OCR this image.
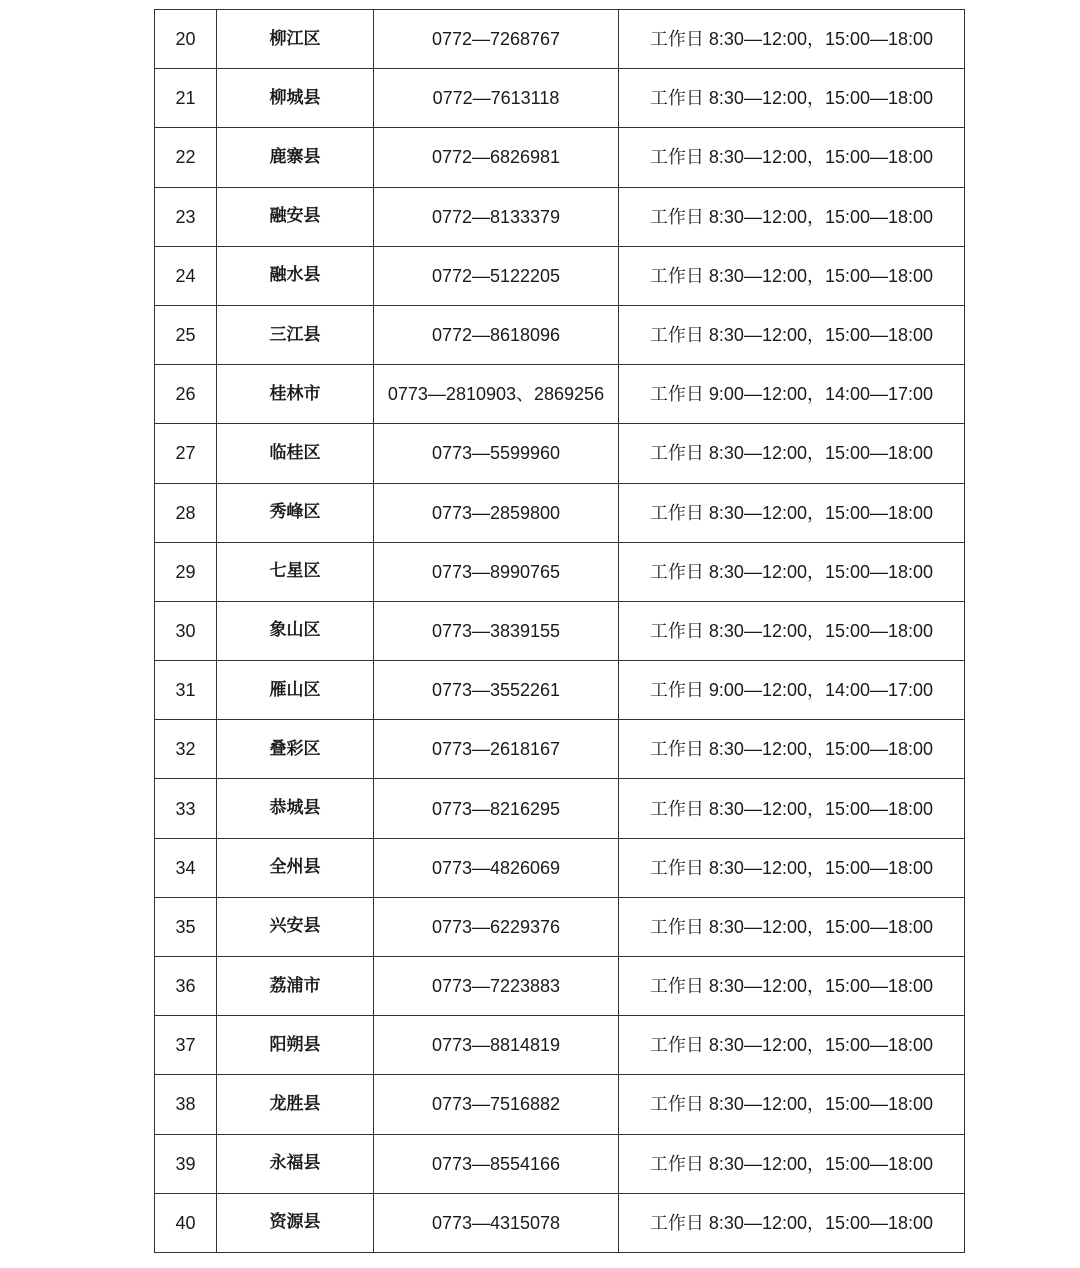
20	柳江区	0772—7268767	工作日 8:30—12:00，15:00—18:00
21	柳城县	0772—7613118	工作日 8:30—12:00，15:00—18:00
22	鹿寨县	0772—6826981	工作日 8:30—12:00，15:00—18:00
23	融安县	0772—8133379	工作日 8:30—12:00，15:00—18:00
24	融水县	0772—5122205	工作日 8:30—12:00，15:00—18:00
25	三江县	0772—8618096	工作日 8:30—12:00，15:00—18:00
26	桂林市	0773—2810903、2869256	工作日 9:00—12:00，14:00—17:00
27	临桂区	0773—5599960	工作日 8:30—12:00，15:00—18:00
28	秀峰区	0773—2859800	工作日 8:30—12:00，15:00—18:00
29	七星区	0773—8990765	工作日 8:30—12:00，15:00—18:00
30	象山区	0773—3839155	工作日 8:30—12:00，15:00—18:00
31	雁山区	0773—3552261	工作日 9:00—12:00，14:00—17:00
32	叠彩区	0773—2618167	工作日 8:30—12:00，15:00—18:00
33	恭城县	0773—8216295	工作日 8:30—12:00，15:00—18:00
34	全州县	0773—4826069	工作日 8:30—12:00，15:00—18:00
35	兴安县	0773—6229376	工作日 8:30—12:00，15:00—18:00
36	荔浦市	0773—7223883	工作日 8:30—12:00，15:00—18:00
37	阳朔县	0773—8814819	工作日 8:30—12:00，15:00—18:00
38	龙胜县	0773—7516882	工作日 8:30—12:00，15:00—18:00
39	永福县	0773—8554166	工作日 8:30—12:00，15:00—18:00
40	资源县	0773—4315078	工作日 8:30—12:00，15:00—18:00
